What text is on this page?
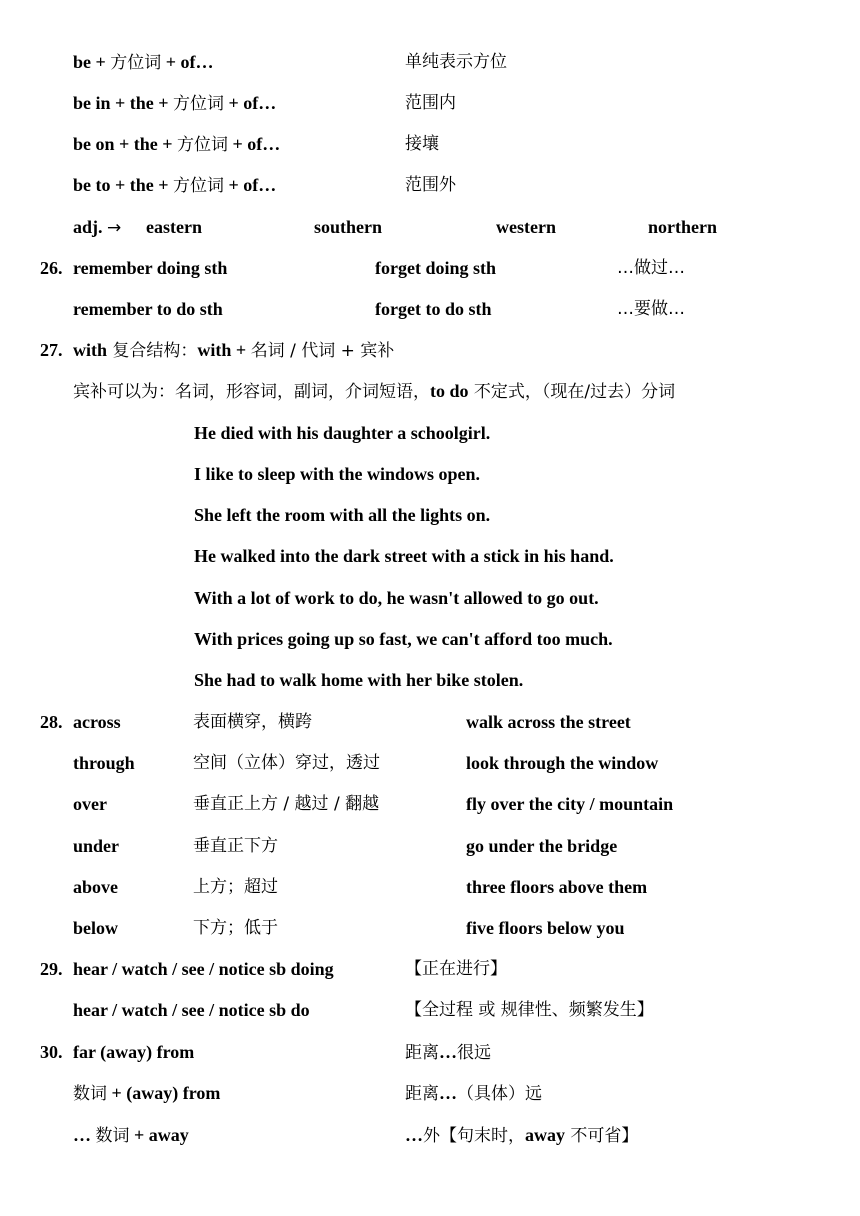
be + 方位词 + of…	单纯表示方位
be in + the + 方位词 + of…	范围内
be on + the + 方位词 + of…	接壤
be to + the + 方位词 + of…	范围外
adj. → eastern	southern	western	northern
26. remember doing sth	forget doing sth	…做过…
remember to do sth	forget to do sth	…要做…
27. with 复合结构：with + 名词 / 代词 + 宾补
宾补可以为：名词，形容词，副词，介词短语，to do 不定式，（现在/过去）分词
He died with his daughter a schoolgirl.
I like to sleep with the windows open.
She left the room with all the lights on.
He walked into the dark street with a stick in his hand.
With a lot of work to do, he wasn't allowed to go out.
With prices going up so fast, we can't afford too much.
She had to walk home with her bike stolen.
28. across	表面横穿，横跨	walk across the street
through	空间（立体）穿过，透过	look through the window
over	垂直正上方 / 越过 / 翻越	fly over the city / mountain
under	垂直正下方	go under the bridge
above	上方；超过	three floors above them
below	下方；低于	five floors below you
29. hear / watch / see / notice sb doing	【正在进行】
hear / watch / see / notice sb do	【全过程 或 规律性、频繁发生】
30. far (away) from	距离…很远
数词 + (away) from	距离…（具体）远
… 数词 + away	…外【句末时，away 不可省】
